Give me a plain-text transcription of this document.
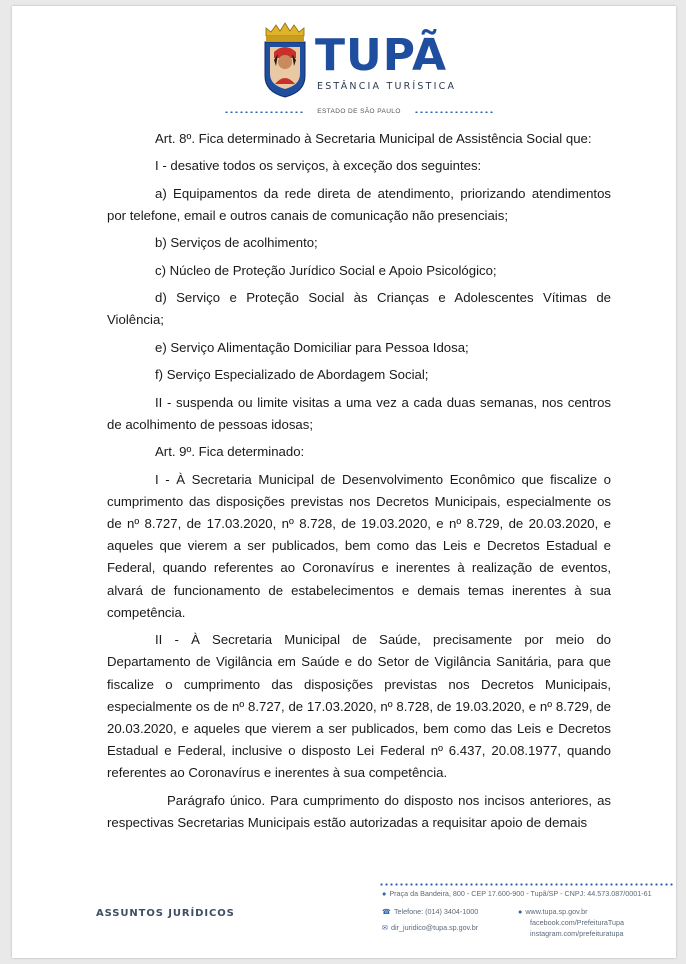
TUPÃ
ESTÂNCIA TURÍSTICA
ESTADO DE SÃO PAULO

Art. 8º. Fica determinado à Secretaria Municipal de Assistência Social que:

I - desative todos os serviços, à exceção dos seguintes:

a) Equipamentos da rede direta de atendimento, priorizando atendimentos por telefone, email e outros canais de comunicação não presenciais;

b) Serviços de acolhimento;

c) Núcleo de Proteção Jurídico Social e Apoio Psicológico;

d) Serviço e Proteção Social às Crianças e Adolescentes Vítimas de Violência;

e) Serviço Alimentação Domiciliar para Pessoa Idosa;

f) Serviço Especializado de Abordagem Social;

II - suspenda ou limite visitas a uma vez a cada duas semanas, nos centros de acolhimento de pessoas idosas;

Art. 9º. Fica determinado:

I - À Secretaria Municipal de Desenvolvimento Econômico que fiscalize o cumprimento das disposições previstas nos Decretos Municipais, especialmente os de nº 8.727, de 17.03.2020, nº 8.728, de 19.03.2020, e nº 8.729, de 20.03.2020, e aqueles que vierem a ser publicados, bem como das Leis e Decretos Estadual e Federal, quando referentes ao Coronavírus e inerentes à realização de eventos, alvará de funcionamento de estabelecimentos e demais temas inerentes à sua competência.

II - À Secretaria Municipal de Saúde, precisamente por meio do Departamento de Vigilância em Saúde e do Setor de Vigilância Sanitária, para que fiscalize o cumprimento das disposições previstas nos Decretos Municipais, especialmente os de nº 8.727, de 17.03.2020, nº 8.728, de 19.03.2020, e nº 8.729, de 20.03.2020, e aqueles que vierem a ser publicados, bem como das Leis e Decretos Estadual e Federal, inclusive o disposto Lei Federal nº 6.437, 20.08.1977, quando referentes ao Coronavírus e inerentes à sua competência.

Parágrafo único. Para cumprimento do disposto nos incisos anteriores, as respectivas Secretarias Municipais estão autorizadas a requisitar apoio de demais

ASSUNTOS JURÍDICOS
● Praça da Bandeira, 800 - CEP 17.600-900 - Tupã/SP - CNPJ: 44.573.087/0001-61
☎ Telefone: (014) 3404-1000
✉ dir_juridico@tupa.sp.gov.br
● www.tupa.sp.gov.br
facebook.com/PrefeituraTupa
instagram.com/prefeituratupa
